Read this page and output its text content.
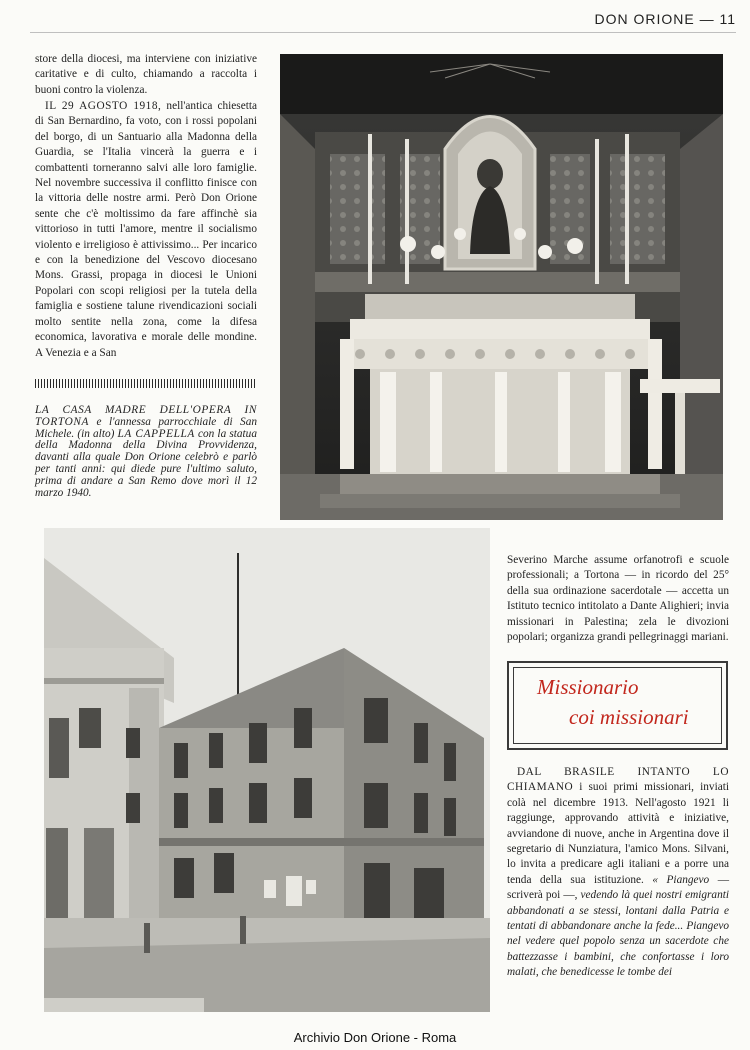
DON ORIONE — 11

store della diocesi, ma interviene con iniziative caritative e di culto, chiamando a raccolta i buoni contro la violenza.

IL 29 AGOSTO 1918, nell'antica chiesetta di San Bernardino, fa voto, con i rossi popolani del borgo, di un Santuario alla Madonna della Guardia, se l'Italia vincerà la guerra e i combattenti torneranno salvi alle loro famiglie. Nel novembre successiva il conflitto finisce con la vittoria delle nostre armi. Però Don Orione sente che c'è moltissimo da fare affinchè sia vittorioso in tutti l'amore, mentre il socialismo violento e irreligioso è attivissimo... Per incarico e con la benedizione del Vescovo diocesano Mons. Grassi, propaga in diocesi le Unioni Popolari con scopi religiosi per la tutela della famiglia e sostiene talune rivendicazioni sociali molto sentite nella zona, come la difesa economica, lavorativa e morale delle mondine. A Venezia e a San

LA CASA MADRE DELL'OPERA IN TORTONA e l'annessa parrocchiale di San Michele. (in alto) LA CAPPELLA con la statua della Madonna della Divina Provvidenza, davanti alla quale Don Orione celebrò e parlò per tanti anni: qui diede pure l'ultimo saluto, prima di andare a San Remo dove morì il 12 marzo 1940.

Severino Marche assume orfanotrofi e scuole professionali; a Tortona — in ricordo del 25° della sua ordinazione sacerdotale — accetta un Istituto tecnico intitolato a Dante Alighieri; invia missionari in Palestina; zela le divozioni popolari; organizza grandi pellegrinaggi mariani.

Missionario
coi missionari

DAL BRASILE INTANTO LO CHIAMANO i suoi primi missionari, inviati colà nel dicembre 1913. Nell'agosto 1921 li raggiunge, approvando attività e iniziative, avviandone di nuove, anche in Argentina dove il segretario di Nunziatura, l'amico Mons. Silvani, lo invita a predicare agli italiani e a porre una tenda della sua istituzione. « Piangevo — scriverà poi —, vedendo là quei nostri emigranti abbandonati a se stessi, lontani dalla Patria e tentati di abbandonare anche la fede... Piangevo nel vedere quel popolo senza un sacerdote che battezzasse i bambini, che confortasse i loro malati, che benedicesse le tombe dei

Archivio Don Orione - Roma
